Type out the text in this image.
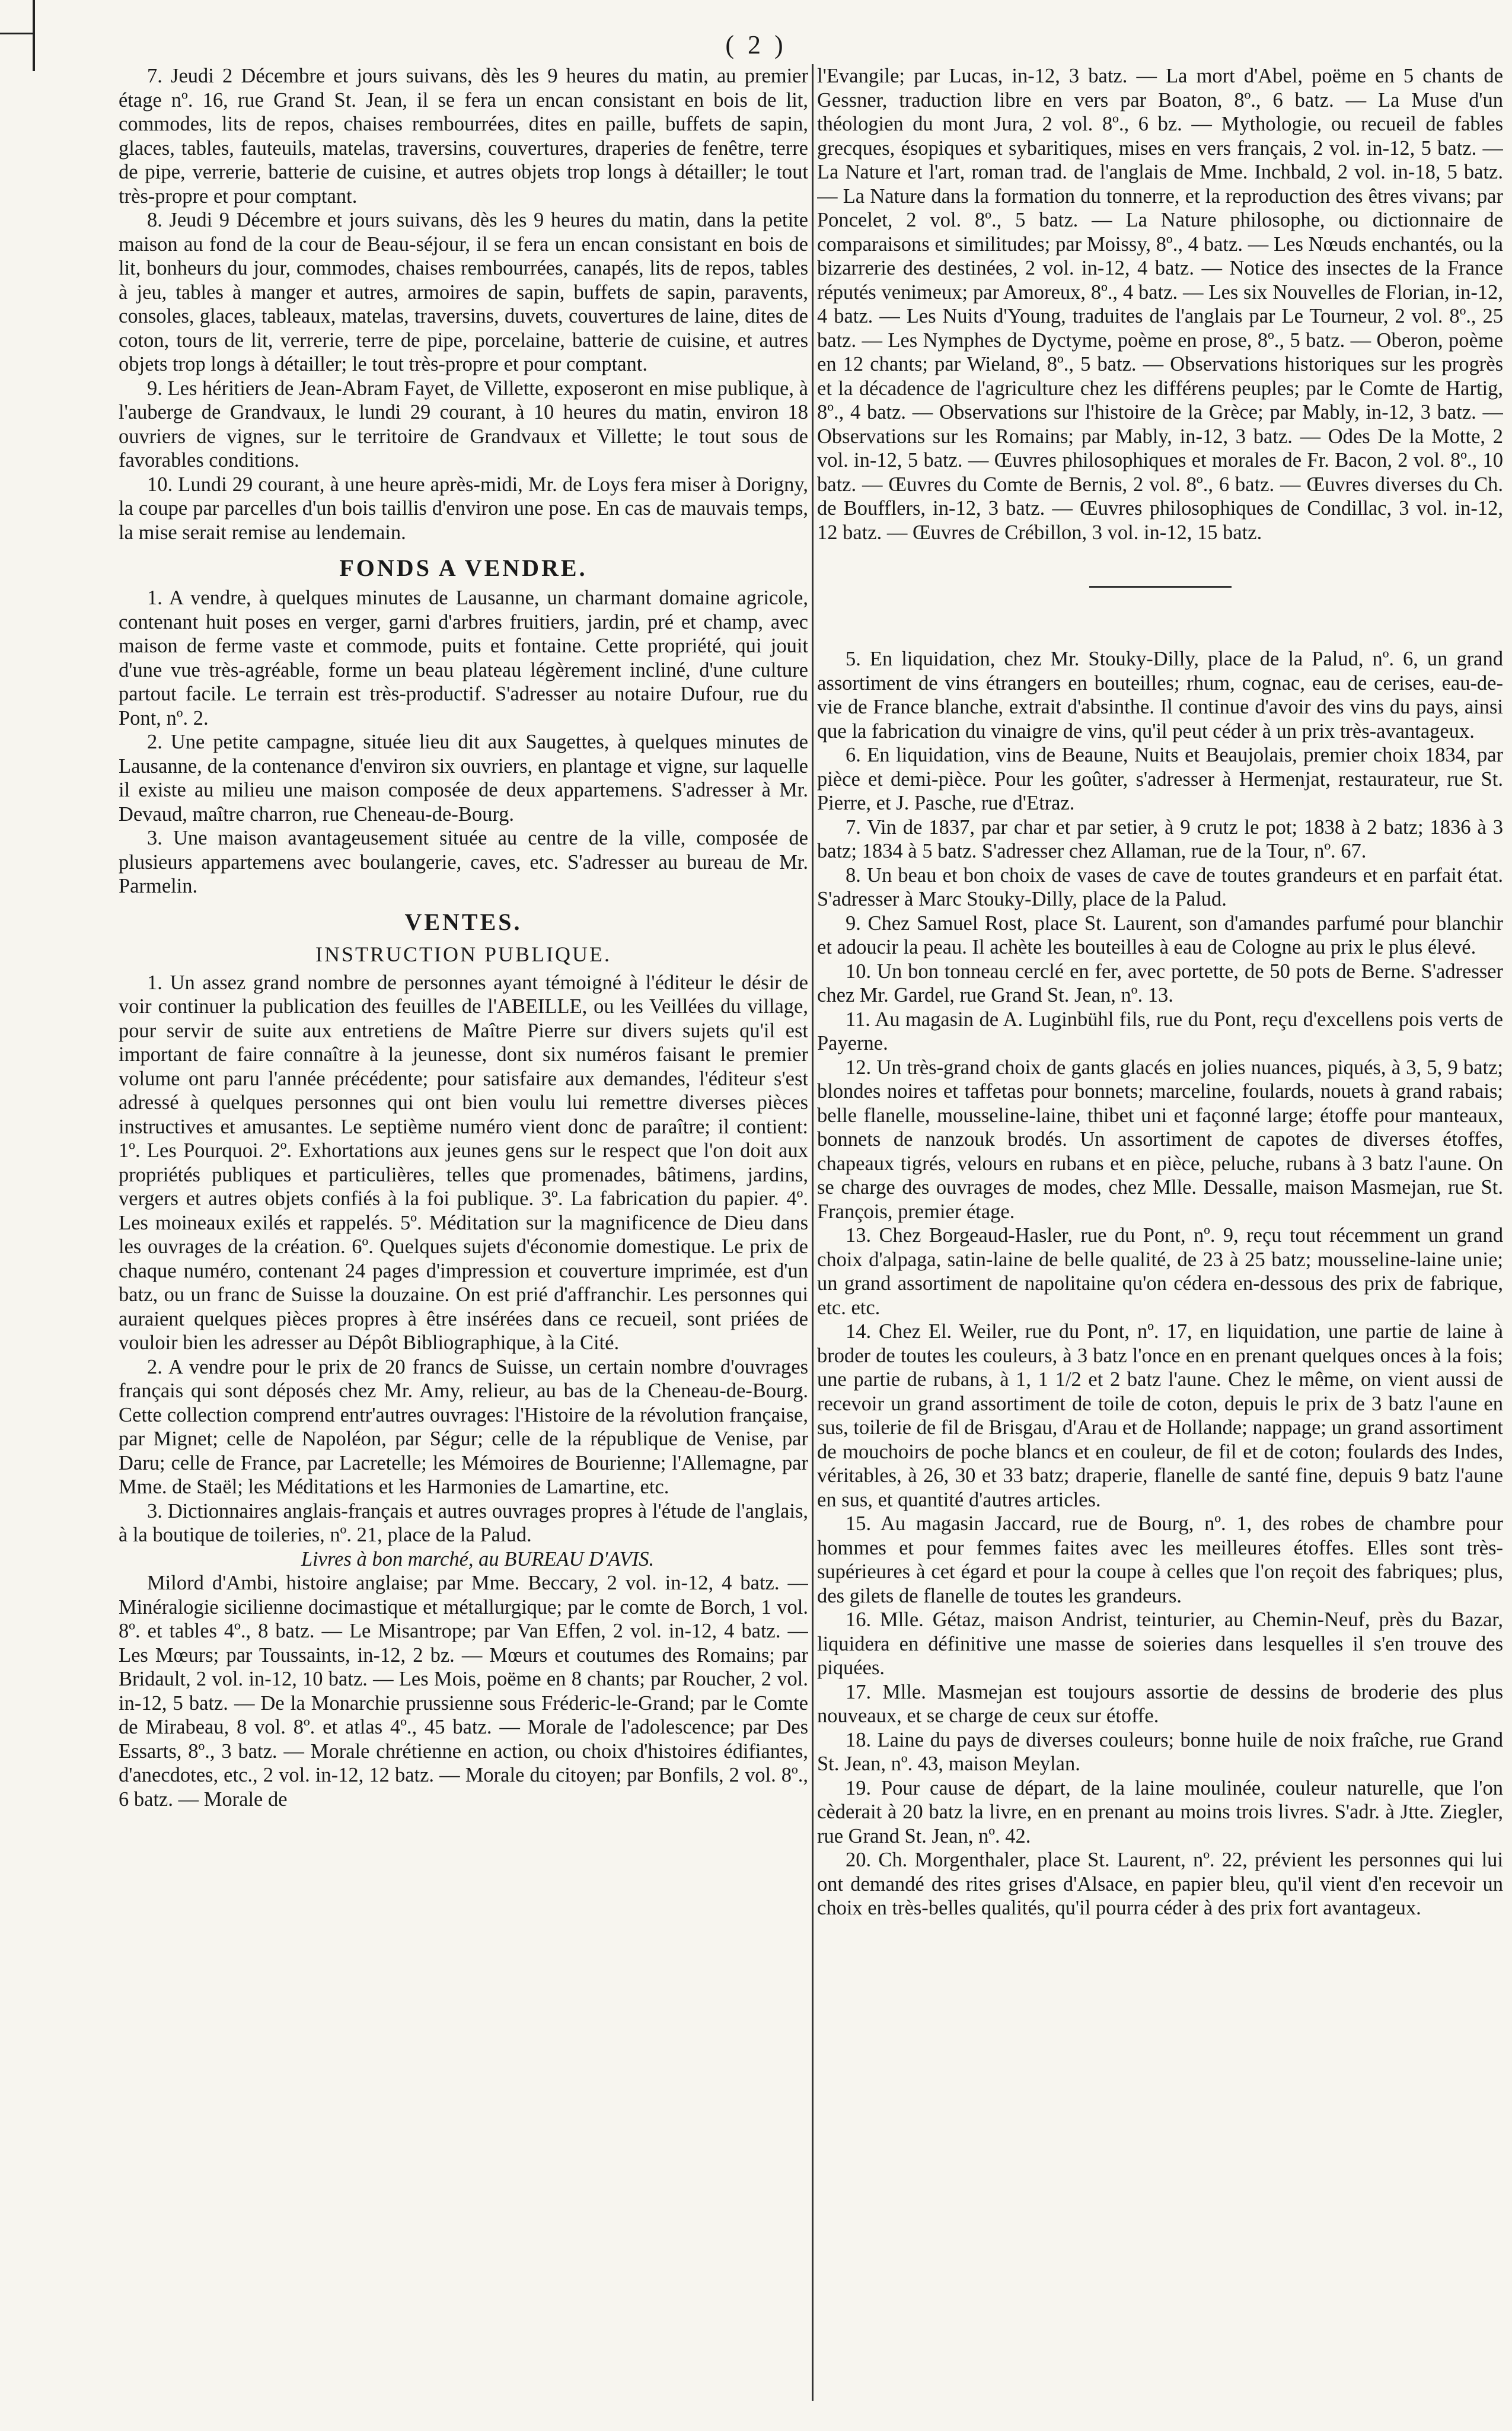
( 2 )

7. Jeudi 2 Décembre et jours suivans, dès les 9 heures du matin, au premier étage nº. 16, rue Grand St. Jean, il se fera un encan consistant en bois de lit, commodes, lits de repos, chaises rembourrées, dites en paille, buffets de sapin, glaces, tables, fauteuils, matelas, traversins, couvertures, draperies de fenêtre, terre de pipe, verrerie, batterie de cuisine, et autres objets trop longs à détailler; le tout très-propre et pour comptant.

8. Jeudi 9 Décembre et jours suivans, dès les 9 heures du matin, dans la petite maison au fond de la cour de Beau-séjour, il se fera un encan consistant en bois de lit, bonheurs du jour, commodes, chaises rembourrées, canapés, lits de repos, tables à jeu, tables à manger et autres, armoires de sapin, buffets de sapin, paravents, consoles, glaces, tableaux, matelas, traversins, duvets, couvertures de laine, dites de coton, tours de lit, verrerie, terre de pipe, porcelaine, batterie de cuisine, et autres objets trop longs à détailler; le tout très-propre et pour comptant.

9. Les héritiers de Jean-Abram Fayet, de Villette, exposeront en mise publique, à l'auberge de Grandvaux, le lundi 29 courant, à 10 heures du matin, environ 18 ouvriers de vignes, sur le territoire de Grandvaux et Villette; le tout sous de favorables conditions.

10. Lundi 29 courant, à une heure après-midi, Mr. de Loys fera miser à Dorigny, la coupe par parcelles d'un bois taillis d'environ une pose. En cas de mauvais temps, la mise serait remise au lendemain.

FONDS A VENDRE.

1. A vendre, à quelques minutes de Lausanne, un charmant domaine agricole, contenant huit poses en verger, garni d'arbres fruitiers, jardin, pré et champ, avec maison de ferme vaste et commode, puits et fontaine. Cette propriété, qui jouit d'une vue très-agréable, forme un beau plateau légèrement incliné, d'une culture partout facile. Le terrain est très-productif. S'adresser au notaire Dufour, rue du Pont, nº. 2.

2. Une petite campagne, située lieu dit aux Saugettes, à quelques minutes de Lausanne, de la contenance d'environ six ouvriers, en plantage et vigne, sur laquelle il existe au milieu une maison composée de deux appartemens. S'adresser à Mr. Devaud, maître charron, rue Cheneau-de-Bourg.

3. Une maison avantageusement située au centre de la ville, composée de plusieurs appartemens avec boulangerie, caves, etc. S'adresser au bureau de Mr. Parmelin.

VENTES.
INSTRUCTION PUBLIQUE.

1. Un assez grand nombre de personnes ayant témoigné à l'éditeur le désir de voir continuer la publication des feuilles de l'ABEILLE, ou les Veillées du village, pour servir de suite aux entretiens de Maître Pierre sur divers sujets qu'il est important de faire connaître à la jeunesse, dont six numéros faisant le premier volume ont paru l'année précédente; pour satisfaire aux demandes, l'éditeur s'est adressé à quelques personnes qui ont bien voulu lui remettre diverses pièces instructives et amusantes. Le septième numéro vient donc de paraître; il contient: 1º. Les Pourquoi. 2º. Exhortations aux jeunes gens sur le respect que l'on doit aux propriétés publiques et particulières, telles que promenades, bâtimens, jardins, vergers et autres objets confiés à la foi publique. 3º. La fabrication du papier. 4º. Les moineaux exilés et rappelés. 5º. Méditation sur la magnificence de Dieu dans les ouvrages de la création. 6º. Quelques sujets d'économie domestique. Le prix de chaque numéro, contenant 24 pages d'impression et couverture imprimée, est d'un batz, ou un franc de Suisse la douzaine. On est prié d'affranchir. Les personnes qui auraient quelques pièces propres à être insérées dans ce recueil, sont priées de vouloir bien les adresser au Dépôt Bibliographique, à la Cité.

2. A vendre pour le prix de 20 francs de Suisse, un certain nombre d'ouvrages français qui sont déposés chez Mr. Amy, relieur, au bas de la Cheneau-de-Bourg. Cette collection comprend entr'autres ouvrages: l'Histoire de la révolution française, par Mignet; celle de Napoléon, par Ségur; celle de la république de Venise, par Daru; celle de France, par Lacretelle; les Mémoires de Bourienne; l'Allemagne, par Mme. de Staël; les Méditations et les Harmonies de Lamartine, etc.

3. Dictionnaires anglais-français et autres ouvrages propres à l'étude de l'anglais, à la boutique de toileries, nº. 21, place de la Palud.

Livres à bon marché, au BUREAU D'AVIS.

Milord d'Ambi, histoire anglaise; par Mme. Beccary, 2 vol. in-12, 4 batz. — Minéralogie sicilienne docimastique et métallurgique; par le comte de Borch, 1 vol. 8º. et tables 4º., 8 batz. — Le Misantrope; par Van Effen, 2 vol. in-12, 4 batz. — Les Mœurs; par Toussaints, in-12, 2 bz. — Mœurs et coutumes des Romains; par Bridault, 2 vol. in-12, 10 batz. — Les Mois, poëme en 8 chants; par Roucher, 2 vol. in-12, 5 batz. — De la Monarchie prussienne sous Fréderic-le-Grand; par le Comte de Mirabeau, 8 vol. 8º. et atlas 4º., 45 batz. — Morale de l'adolescence; par Des Essarts, 8º., 3 batz. — Morale chrétienne en action, ou choix d'histoires édifiantes, d'anecdotes, etc., 2 vol. in-12, 12 batz. — Morale du citoyen; par Bonfils, 2 vol. 8º., 6 batz. — Morale de

l'Evangile; par Lucas, in-12, 3 batz. — La mort d'Abel, poëme en 5 chants de Gessner, traduction libre en vers par Boaton, 8º., 6 batz. — La Muse d'un théologien du mont Jura, 2 vol. 8º., 6 bz. — Mythologie, ou recueil de fables grecques, ésopiques et sybaritiques, mises en vers français, 2 vol. in-12, 5 batz. — La Nature et l'art, roman trad. de l'anglais de Mme. Inchbald, 2 vol. in-18, 5 batz. — La Nature dans la formation du tonnerre, et la reproduction des êtres vivans; par Poncelet, 2 vol. 8º., 5 batz. — La Nature philosophe, ou dictionnaire de comparaisons et similitudes; par Moissy, 8º., 4 batz. — Les Nœuds enchantés, ou la bizarrerie des destinées, 2 vol. in-12, 4 batz. — Notice des insectes de la France réputés venimeux; par Amoreux, 8º., 4 batz. — Les six Nouvelles de Florian, in-12, 4 batz. — Les Nuits d'Young, traduites de l'anglais par Le Tourneur, 2 vol. 8º., 25 batz. — Les Nymphes de Dyctyme, poème en prose, 8º., 5 batz. — Oberon, poème en 12 chants; par Wieland, 8º., 5 batz. — Observations historiques sur les progrès et la décadence de l'agriculture chez les différens peuples; par le Comte de Hartig, 8º., 4 batz. — Observations sur l'histoire de la Grèce; par Mably, in-12, 3 batz. — Observations sur les Romains; par Mably, in-12, 3 batz. — Odes De la Motte, 2 vol. in-12, 5 batz. — Œuvres philosophiques et morales de Fr. Bacon, 2 vol. 8º., 10 batz. — Œuvres du Comte de Bernis, 2 vol. 8º., 6 batz. — Œuvres diverses du Ch. de Boufflers, in-12, 3 batz. — Œuvres philosophiques de Condillac, 3 vol. in-12, 12 batz. — Œuvres de Crébillon, 3 vol. in-12, 15 batz.

5. En liquidation, chez Mr. Stouky-Dilly, place de la Palud, nº. 6, un grand assortiment de vins étrangers en bouteilles; rhum, cognac, eau de cerises, eau-de-vie de France blanche, extrait d'absinthe. Il continue d'avoir des vins du pays, ainsi que la fabrication du vinaigre de vins, qu'il peut céder à un prix très-avantageux.

6. En liquidation, vins de Beaune, Nuits et Beaujolais, premier choix 1834, par pièce et demi-pièce. Pour les goûter, s'adresser à Hermenjat, restaurateur, rue St. Pierre, et J. Pasche, rue d'Etraz.

7. Vin de 1837, par char et par setier, à 9 crutz le pot; 1838 à 2 batz; 1836 à 3 batz; 1834 à 5 batz. S'adresser chez Allaman, rue de la Tour, nº. 67.

8. Un beau et bon choix de vases de cave de toutes grandeurs et en parfait état. S'adresser à Marc Stouky-Dilly, place de la Palud.

9. Chez Samuel Rost, place St. Laurent, son d'amandes parfumé pour blanchir et adoucir la peau. Il achète les bouteilles à eau de Cologne au prix le plus élevé.

10. Un bon tonneau cerclé en fer, avec portette, de 50 pots de Berne. S'adresser chez Mr. Gardel, rue Grand St. Jean, nº. 13.

11. Au magasin de A. Luginbühl fils, rue du Pont, reçu d'excellens pois verts de Payerne.

12. Un très-grand choix de gants glacés en jolies nuances, piqués, à 3, 5, 9 batz; blondes noires et taffetas pour bonnets; marceline, foulards, nouets à grand rabais; belle flanelle, mousseline-laine, thibet uni et façonné large; étoffe pour manteaux, bonnets de nanzouk brodés. Un assortiment de capotes de diverses étoffes, chapeaux tigrés, velours en rubans et en pièce, peluche, rubans à 3 batz l'aune. On se charge des ouvrages de modes, chez Mlle. Dessalle, maison Masmejan, rue St. François, premier étage.

13. Chez Borgeaud-Hasler, rue du Pont, nº. 9, reçu tout récemment un grand choix d'alpaga, satin-laine de belle qualité, de 23 à 25 batz; mousseline-laine unie; un grand assortiment de napolitaine qu'on cédera en-dessous des prix de fabrique, etc. etc.

14. Chez El. Weiler, rue du Pont, nº. 17, en liquidation, une partie de laine à broder de toutes les couleurs, à 3 batz l'once en en prenant quelques onces à la fois; une partie de rubans, à 1, 1 1/2 et 2 batz l'aune. Chez le même, on vient aussi de recevoir un grand assortiment de toile de coton, depuis le prix de 3 batz l'aune en sus, toilerie de fil de Brisgau, d'Arau et de Hollande; nappage; un grand assortiment de mouchoirs de poche blancs et en couleur, de fil et de coton; foulards des Indes, véritables, à 26, 30 et 33 batz; draperie, flanelle de santé fine, depuis 9 batz l'aune en sus, et quantité d'autres articles.

15. Au magasin Jaccard, rue de Bourg, nº. 1, des robes de chambre pour hommes et pour femmes faites avec les meilleures étoffes. Elles sont très-supérieures à cet égard et pour la coupe à celles que l'on reçoit des fabriques; plus, des gilets de flanelle de toutes les grandeurs.

16. Mlle. Gétaz, maison Andrist, teinturier, au Chemin-Neuf, près du Bazar, liquidera en définitive une masse de soieries dans lesquelles il s'en trouve des piquées.

17. Mlle. Masmejan est toujours assortie de dessins de broderie des plus nouveaux, et se charge de ceux sur étoffe.

18. Laine du pays de diverses couleurs; bonne huile de noix fraîche, rue Grand St. Jean, nº. 43, maison Meylan.

19. Pour cause de départ, de la laine moulinée, couleur naturelle, que l'on cèderait à 20 batz la livre, en en prenant au moins trois livres. S'adr. à Jtte. Ziegler, rue Grand St. Jean, nº. 42.

20. Ch. Morgenthaler, place St. Laurent, nº. 22, prévient les personnes qui lui ont demandé des rites grises d'Alsace, en papier bleu, qu'il vient d'en recevoir un choix en très-belles qualités, qu'il pourra céder à des prix fort avantageux.
